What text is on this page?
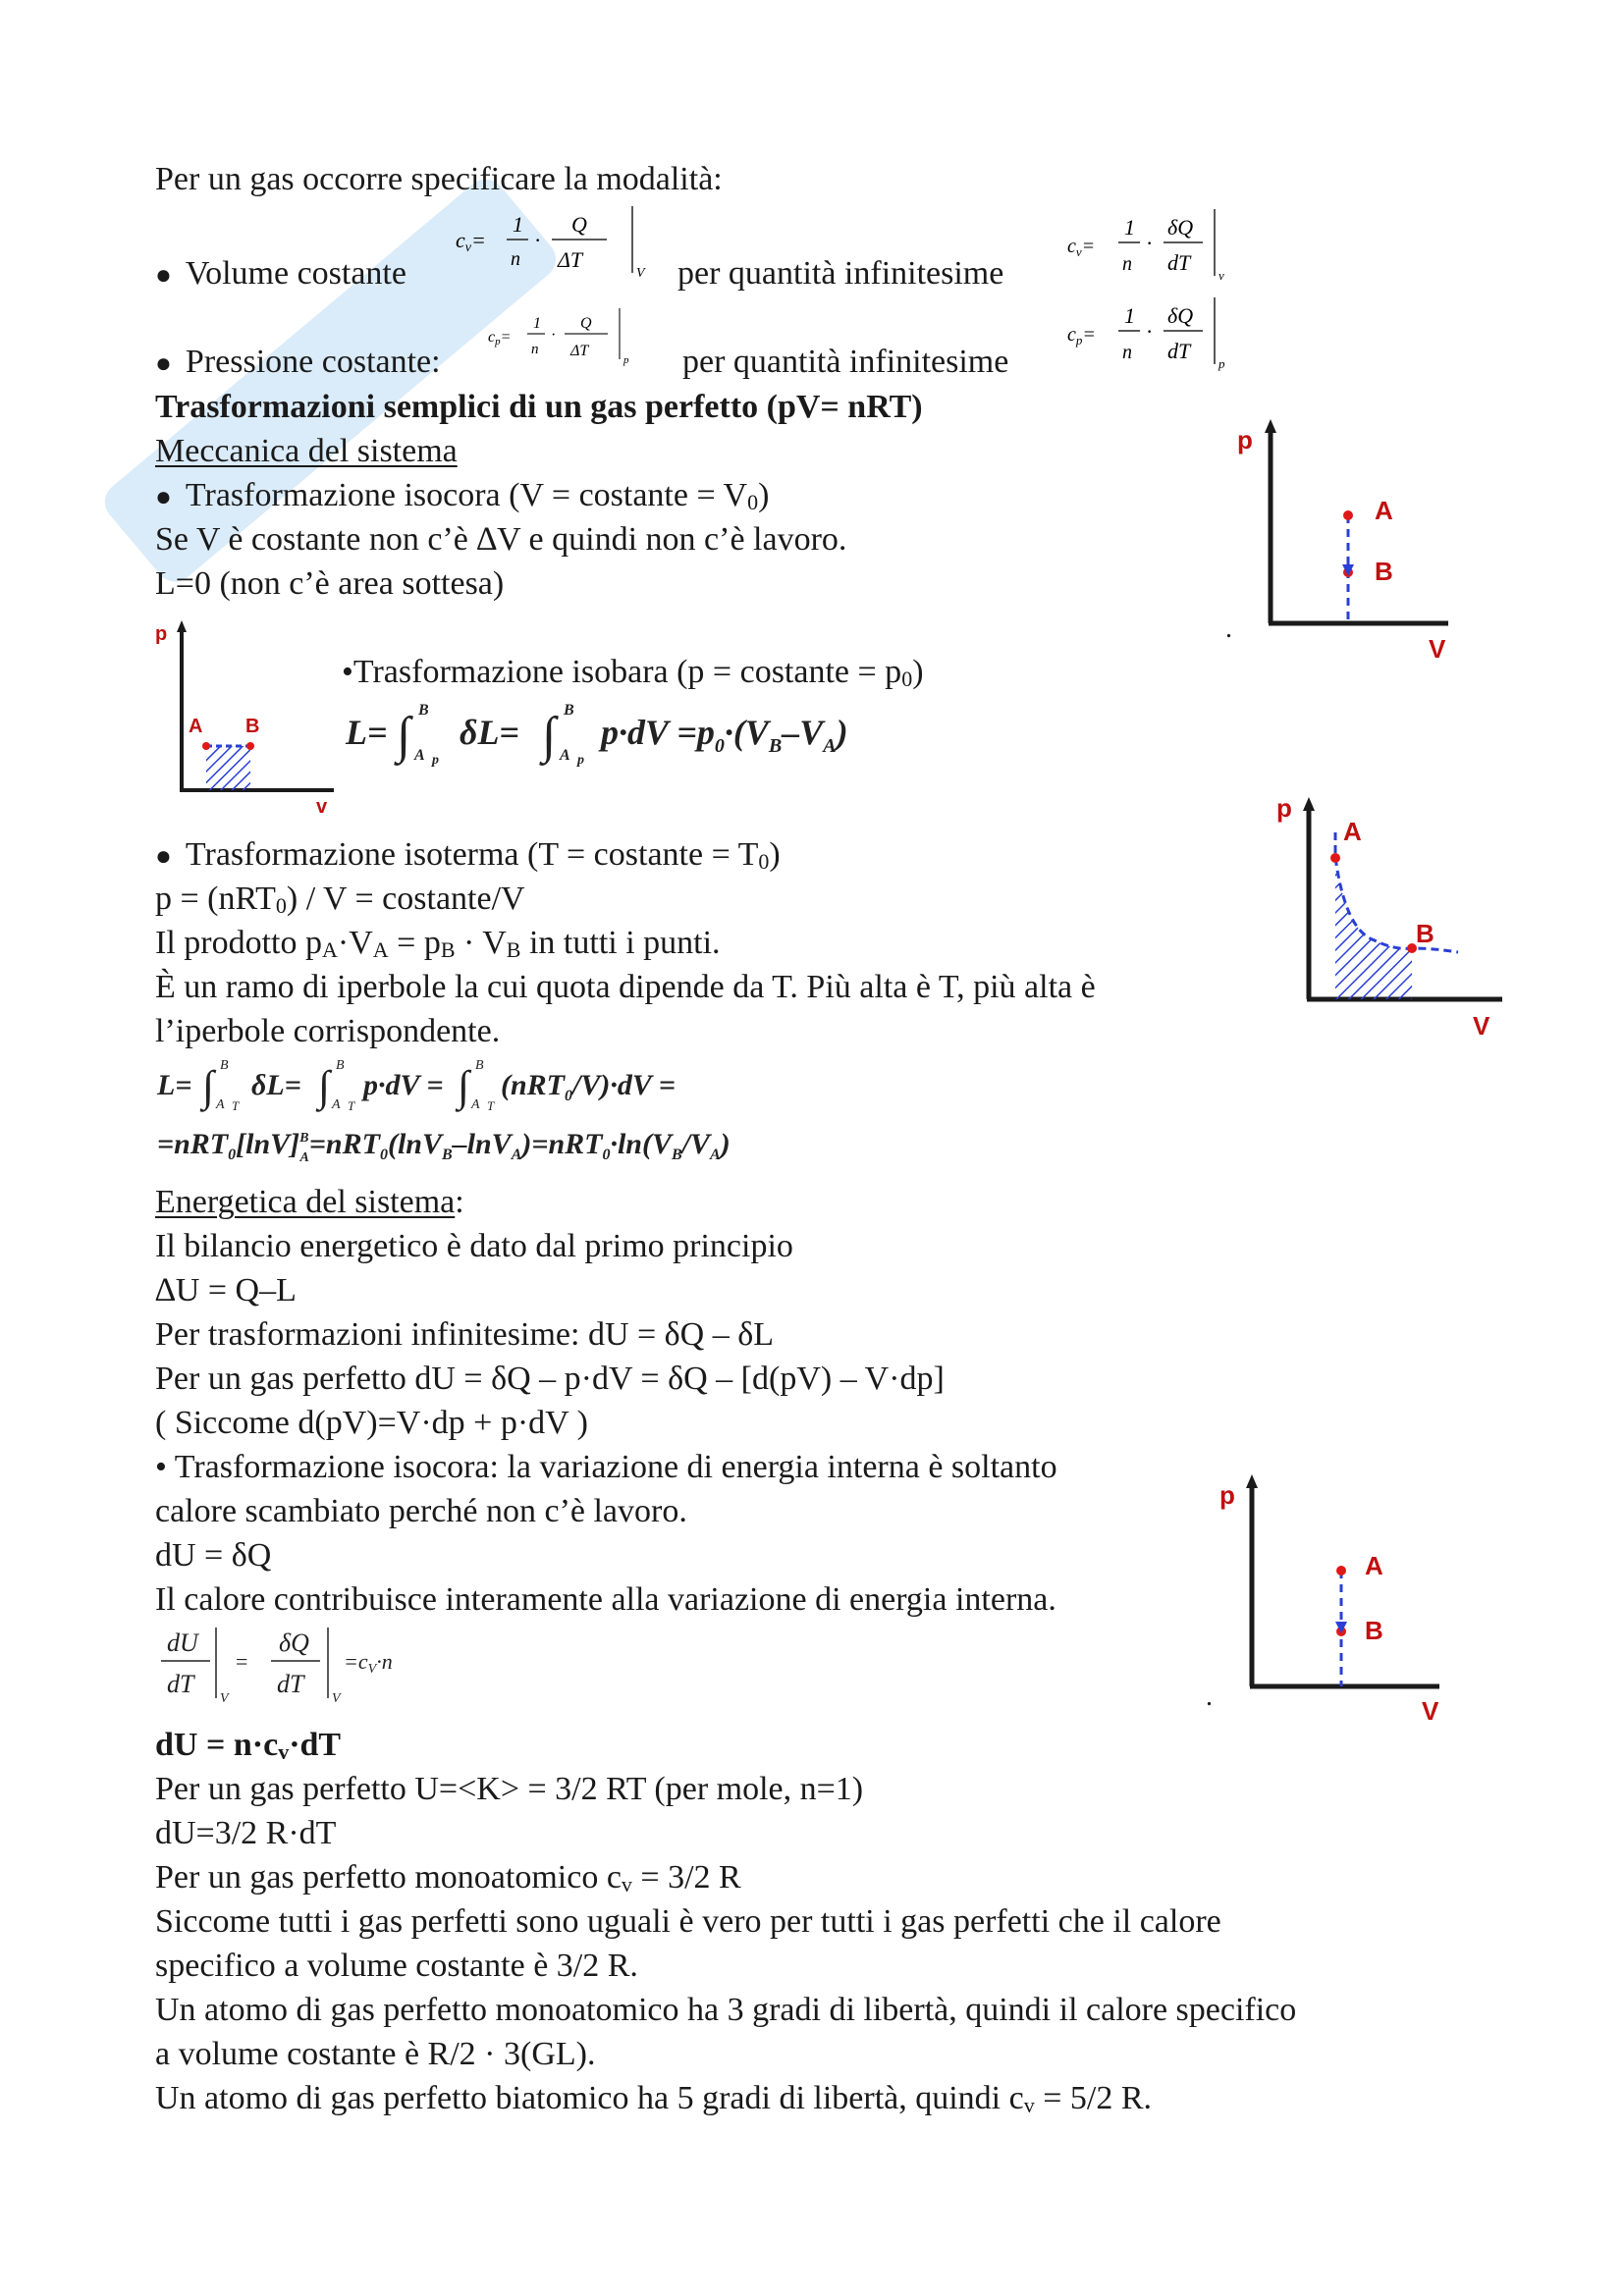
Per un gas occorre specificare la modalità:
● Volume costante
cv=
1
n
·
Q
ΔT
V per quantità infinitesime
$c_v=$
1
n
·
δQ
dT
v
● Pressione costante:
cp=
1
n
·
Q
ΔT
p per quantità infinitesime
$c_p=$
1
n
·
δQ
dT
p
Trasformazioni semplici di un gas perfetto (pV= nRT)
Meccanica del sistema
● Trasformazione isocora (V = costante = $V_0$)
Se V è costante non c’è ∆V e quindi non c’è lavoro.
L=0 (non c’è area sottesa)
p
A
B
V
.
p
A B
v
•Trasformazione isobara (p = costante = $p_0$)
L= ∫ B
A p
δL= ∫ B
A p
$p\cdot dV =p_0\cdot(V_B-V_A)$
● Trasformazione isoterma (T = costante = $T_0$)
p = (nRT$_0$) / V = costante/V
Il prodotto $p_A\cdot V_A = p_B \cdot V_B$ in tutti i punti.
È un ramo di iperbole la cui quota dipende da T. Più alta è T, più alta è
l’iperbole corrispondente.
p
A
B
V
L= ∫ B
A T
δL= ∫ B
A T
p·dV = ∫ B
A T
(nRT$_0$/V)·dV =
$=nRT_0[\ln V]^B$ $A=nRT_0(\ln V_B-\ln V_A)=nRT_0\cdot\ln(V_B/V_A)$
Energetica del sistema:
Il bilancio energetico è dato dal primo principio
∆U = Q–L
Per trasformazioni infinitesime: dU = δQ – δL
Per un gas perfetto dU = δQ – p·dV = δQ – [d(pV) – V·dp]
( Siccome d(pV)=V·dp + p·dV )
• Trasformazione isocora: la variazione di energia interna è soltanto
calore scambiato perché non c’è lavoro.
dU = δQ
Il calore contribuisce interamente alla variazione di energia interna.
p
A
B
V
.
dU
dT
V
=
δQ
dT
V
=cV·n
dU = $n\cdot c_v\cdot dT$
Per un gas perfetto U=<K> = 3/2 RT (per mole, n=1)
dU=3/2 R·dT
Per un gas perfetto monoatomico $c_v = 3/2$ R
Siccome tutti i gas perfetti sono uguali è vero per tutti i gas perfetti che il calore
specifico a volume costante è 3/2 R.
Un atomo di gas perfetto monoatomico ha 3 gradi di libertà, quindi il calore specifico
a volume costante è R/2 · 3(GL).
Un atomo di gas perfetto biatomico ha 5 gradi di libertà, quindi $c_v = 5/2$ R.
